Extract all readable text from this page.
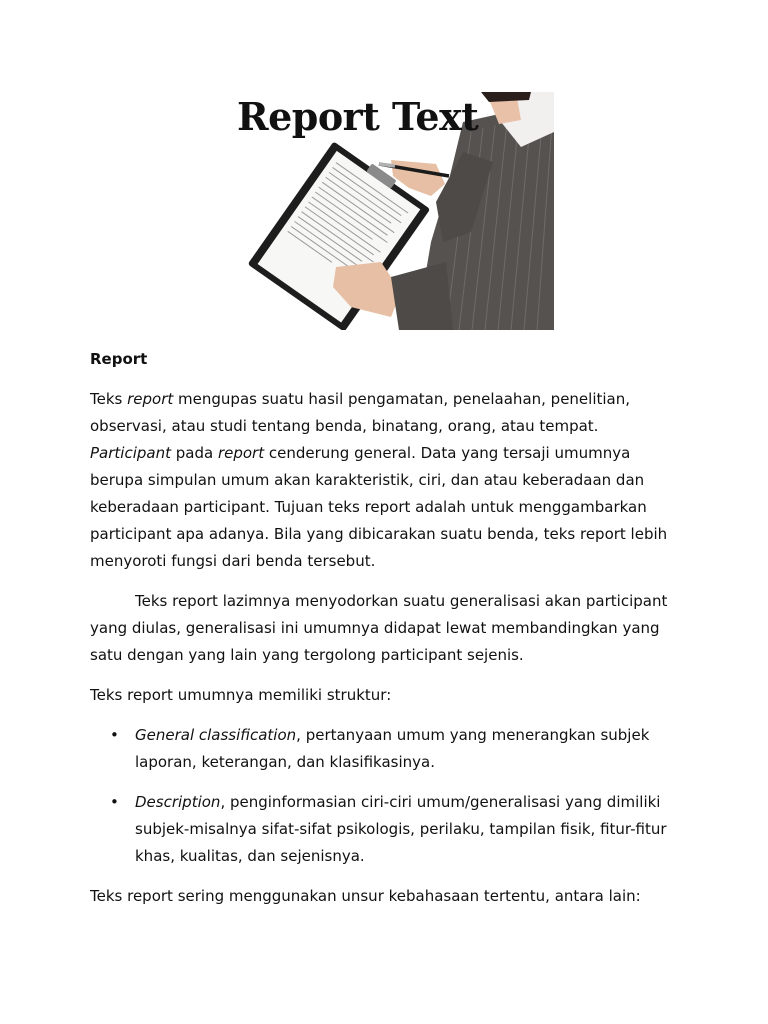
Report Text
Report

Teks report mengupas suatu hasil pengamatan, penelaahan, penelitian, observasi, atau studi tentang benda, binatang, orang, atau tempat. Participant pada report cenderung general. Data yang tersaji umumnya berupa simpulan umum akan karakteristik, ciri, dan atau keberadaan dan keberadaan participant. Tujuan teks report adalah untuk menggambarkan participant apa adanya. Bila yang dibicarakan suatu benda, teks report lebih menyoroti fungsi dari benda tersebut.

Teks report lazimnya menyodorkan suatu generalisasi akan participant yang diulas, generalisasi ini umumnya didapat lewat membandingkan yang satu dengan yang lain yang tergolong participant sejenis.

Teks report umumnya memiliki struktur:

• General classification, pertanyaan umum yang menerangkan subjek laporan, keterangan, dan klasifikasinya.
• Description, penginformasian ciri-ciri umum/generalisasi yang dimiliki subjek-misalnya sifat-sifat psikologis, perilaku, tampilan fisik, fitur-fitur khas, kualitas, dan sejenisnya.

Teks report sering menggunakan unsur kebahasaan tertentu, antara lain:
